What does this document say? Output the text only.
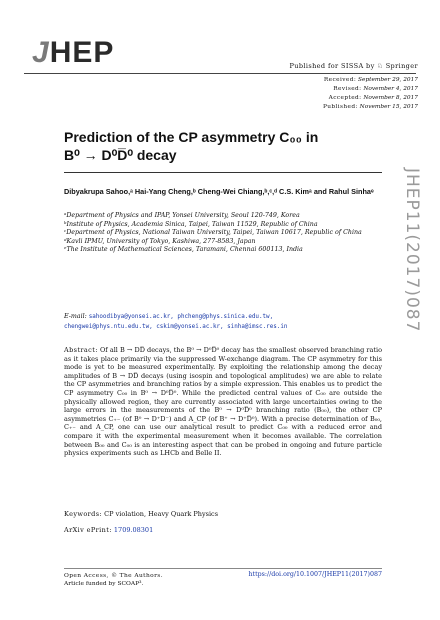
JHEP	Published for SISSA by ♘ Springer
Received: September 29, 2017
Revised: November 4, 2017
Accepted: November 8, 2017
Published: November 15, 2017
Prediction of the CP asymmetry C₀₀ in
B⁰ → D⁰D̅⁰ decay
JHEP11(2017)087
Dibyakrupa Sahoo,ᵃ Hai-Yang Cheng,ᵇ Cheng-Wei Chiang,ᵇ,ᶜ,ᵈ C.S. Kimᵃ and Rahul Sinhaᵉ
ᵃDepartment of Physics and IPAP, Yonsei University, Seoul 120-749, Korea
ᵇInstitute of Physics, Academia Sinica, Taipei, Taiwan 11529, Republic of China
ᶜDepartment of Physics, National Taiwan University, Taipei, Taiwan 10617, Republic of China
ᵈKavli IPMU, University of Tokyo, Kashiwa, 277-8583, Japan
ᵉThe Institute of Mathematical Sciences, Taramani, Chennai 600113, India
E-mail: sahoodibya@yonsei.ac.kr, phcheng@phys.sinica.edu.tw,
chengwei@phys.ntu.edu.tw, cskim@yonsei.ac.kr, sinha@imsc.res.in
Abstract: Of all B → DD̅ decays, the B⁰ → D⁰D̅⁰ decay has the smallest observed branching ratio as it takes place primarily via the suppressed W-exchange diagram. The CP asymmetry for this mode is yet to be measured experimentally. By exploiting the relationship among the decay amplitudes of B → DD̅ decays (using isospin and topological amplitudes) we are able to relate the CP asymmetries and branching ratios by a simple expression. This enables us to predict the CP asymmetry C₀₀ in B⁰ → D⁰D̅⁰. While the predicted central values of C₀₀ are outside the physically allowed region, they are currently associated with large uncertainties owing to the large errors in the measurements of the B⁰ → D⁰D̅⁰ branching ratio (B₀₀), the other CP asymmetries C₊₋ (of B⁰ → D⁺D⁻) and A_CP (of B⁺ → D⁺D̅⁰). With a precise determination of B₀₀, C₊₋ and A_CP, one can use our analytical result to predict C₀₀ with a reduced error and compare it with the experimental measurement when it becomes available. The correlation between B₀₀ and C₀₀ is an interesting aspect that can be probed in ongoing and future particle physics experiments such as LHCb and Belle II.
Keywords: CP violation, Heavy Quark Physics
ArXiv ePrint: 1709.08301
Open Access, © The Authors.
Article funded by SCOAP³.
https://doi.org/10.1007/JHEP11(2017)087
